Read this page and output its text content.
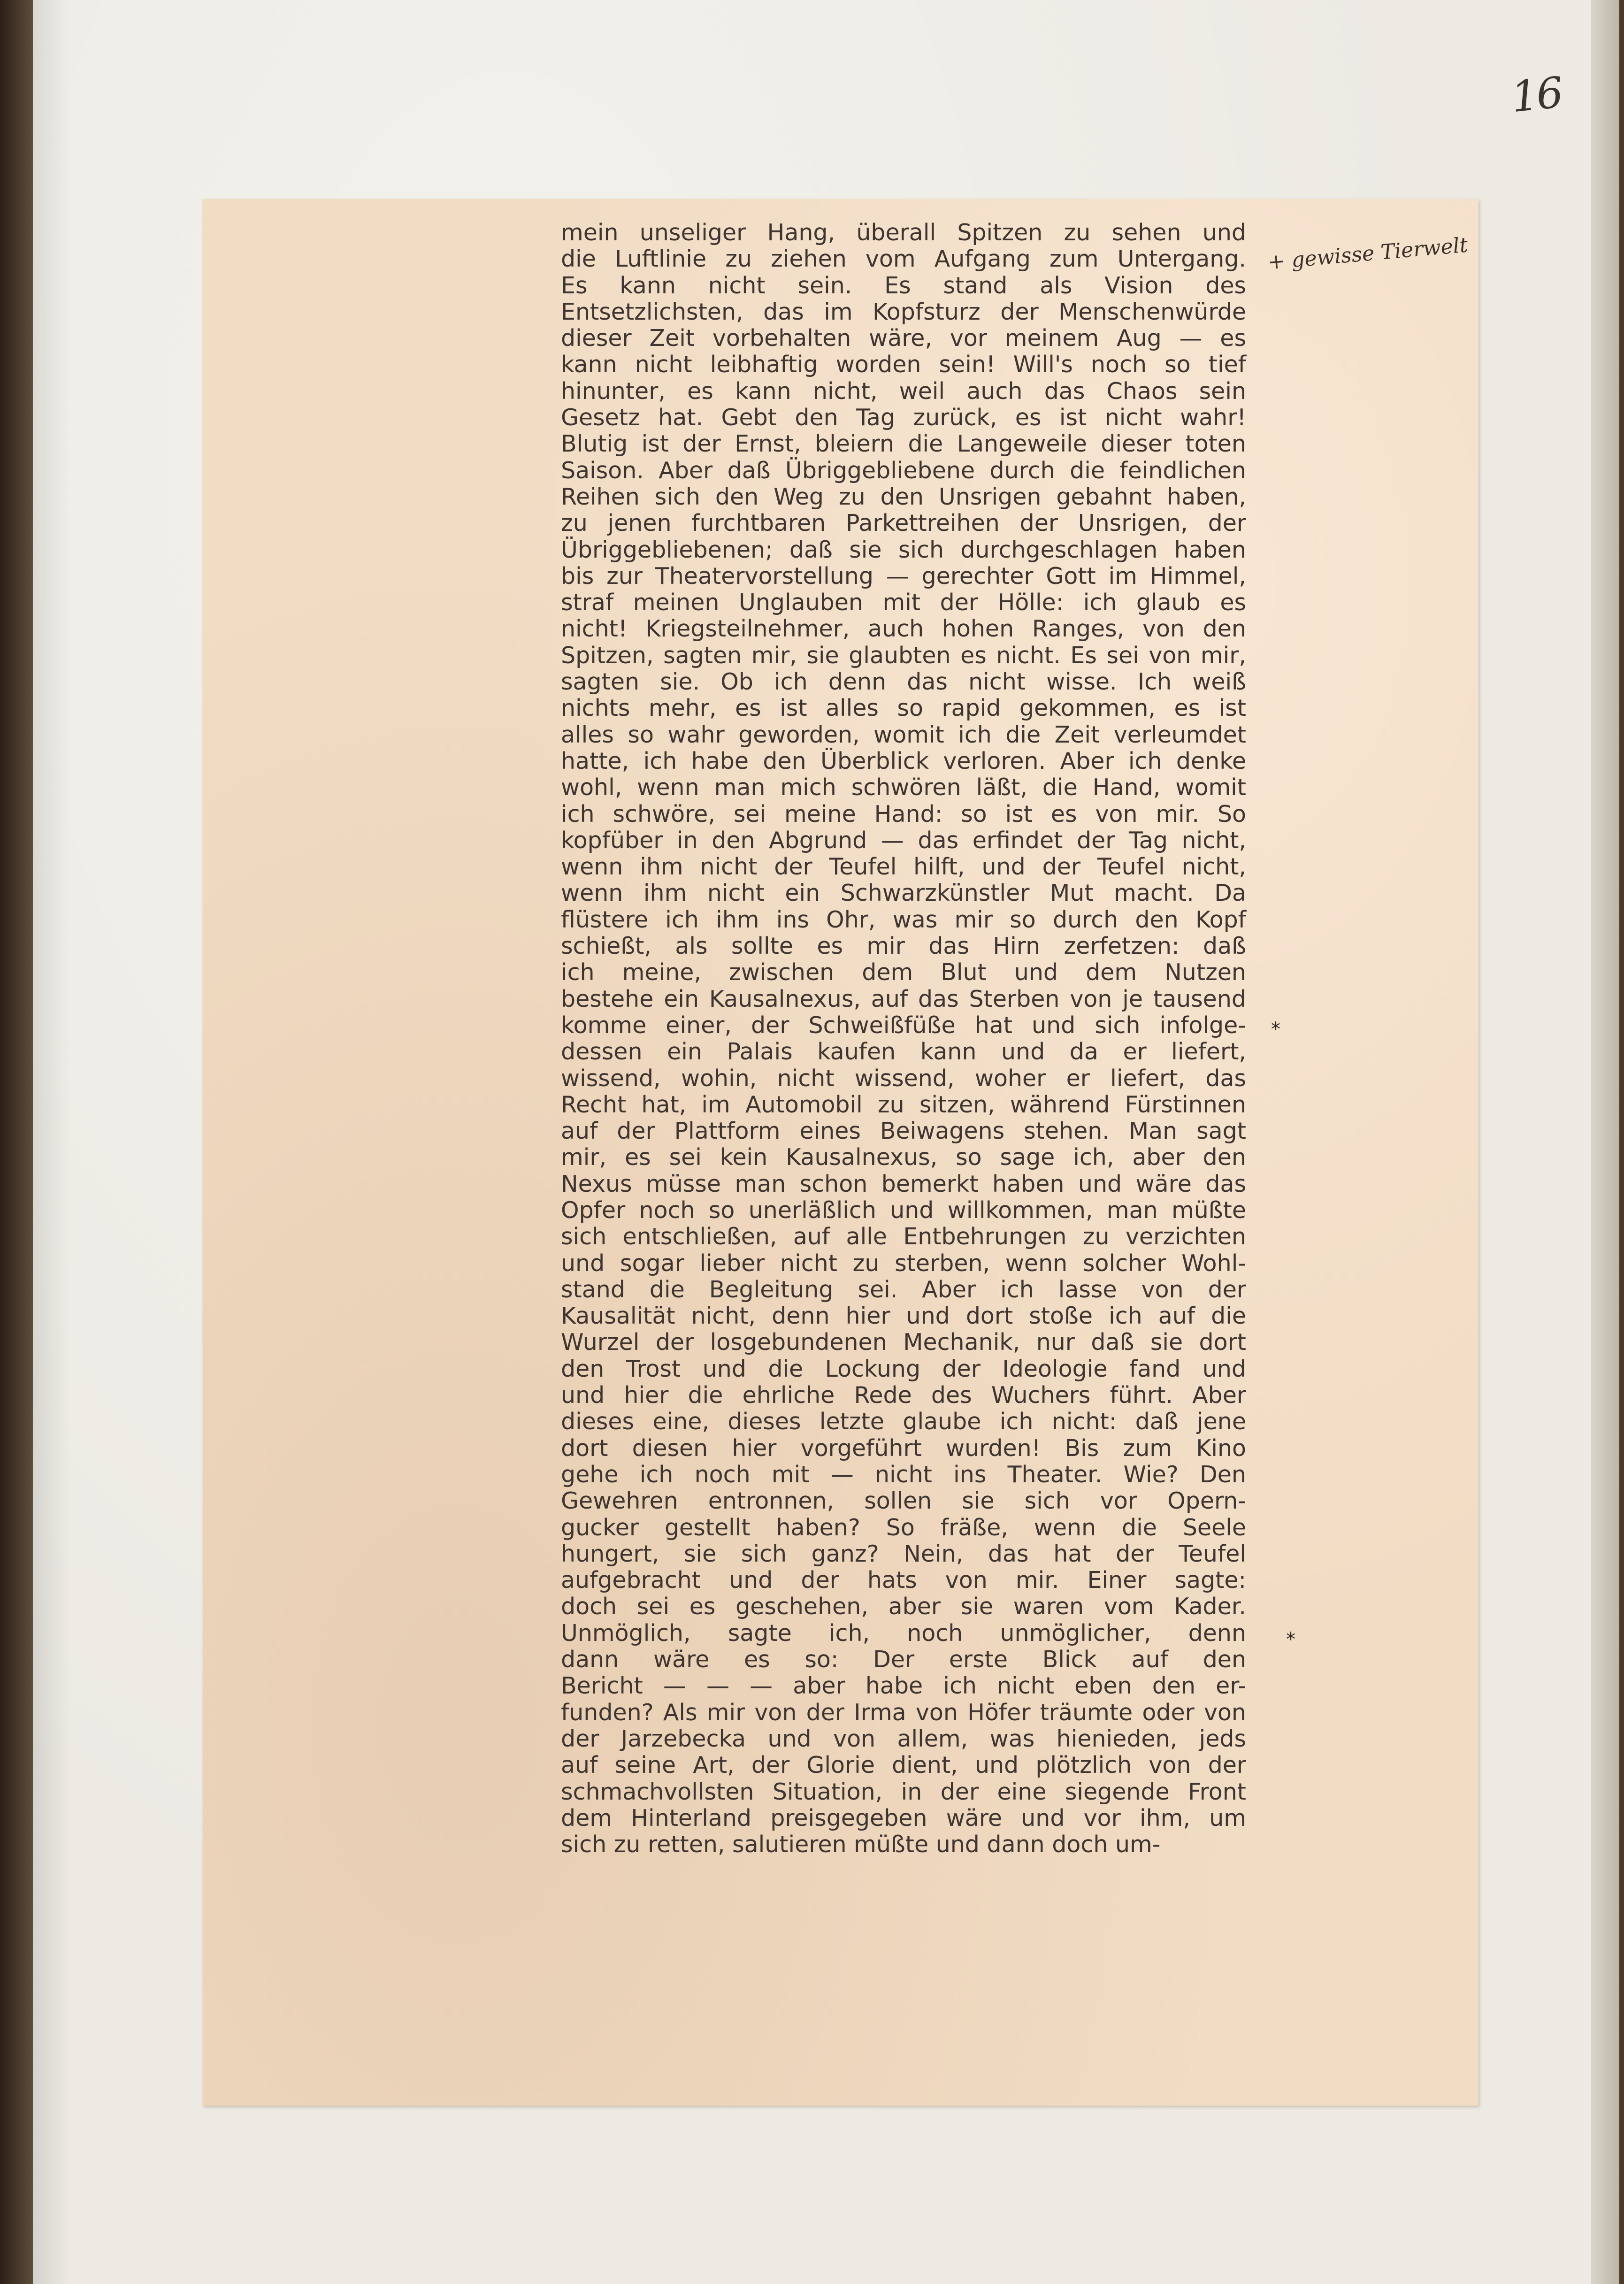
16
+ gewisse Tierwelt
*
*
mein unseliger Hang, überall Spitzen zu sehen und
die Luftlinie zu ziehen vom Aufgang zum Untergang.
Es kann nicht sein. Es stand als Vision des
Entsetzlichsten, das im Kopfsturz der Menschenwürde
dieser Zeit vorbehalten wäre, vor meinem Aug — es
kann nicht leibhaftig worden sein! Will's noch so tief
hinunter, es kann nicht, weil auch das Chaos sein
Gesetz hat. Gebt den Tag zurück, es ist nicht wahr!
Blutig ist der Ernst, bleiern die Langeweile dieser toten
Saison. Aber daß Übriggebliebene durch die feindlichen
Reihen sich den Weg zu den Unsrigen gebahnt haben,
zu jenen furchtbaren Parkettreihen der Unsrigen, der
Übriggebliebenen; daß sie sich durchgeschlagen haben
bis zur Theatervorstellung — gerechter Gott im Himmel,
straf meinen Unglauben mit der Hölle: ich glaub es
nicht! Kriegsteilnehmer, auch hohen Ranges, von den
Spitzen, sagten mir, sie glaubten es nicht. Es sei von mir,
sagten sie. Ob ich denn das nicht wisse. Ich weiß
nichts mehr, es ist alles so rapid gekommen, es ist
alles so wahr geworden, womit ich die Zeit verleumdet
hatte, ich habe den Überblick verloren. Aber ich denke
wohl, wenn man mich schwören läßt, die Hand, womit
ich schwöre, sei meine Hand: so ist es von mir. So
kopfüber in den Abgrund — das erfindet der Tag nicht,
wenn ihm nicht der Teufel hilft, und der Teufel nicht,
wenn ihm nicht ein Schwarzkünstler Mut macht. Da
flüstere ich ihm ins Ohr, was mir so durch den Kopf
schießt, als sollte es mir das Hirn zerfetzen: daß
ich meine, zwischen dem Blut und dem Nutzen
bestehe ein Kausalnexus, auf das Sterben von je tausend
komme einer, der Schweißfüße hat und sich infolge-
dessen ein Palais kaufen kann und da er liefert,
wissend, wohin, nicht wissend, woher er liefert, das
Recht hat, im Automobil zu sitzen, während Fürstinnen
auf der Plattform eines Beiwagens stehen. Man sagt
mir, es sei kein Kausalnexus, so sage ich, aber den
Nexus müsse man schon bemerkt haben und wäre das
Opfer noch so unerläßlich und willkommen, man müßte
sich entschließen, auf alle Entbehrungen zu verzichten
und sogar lieber nicht zu sterben, wenn solcher Wohl-
stand die Begleitung sei. Aber ich lasse von der
Kausalität nicht, denn hier und dort stoße ich auf die
Wurzel der losgebundenen Mechanik, nur daß sie dort
den Trost und die Lockung der Ideologie fand und
und hier die ehrliche Rede des Wuchers führt. Aber
dieses eine, dieses letzte glaube ich nicht: daß jene
dort diesen hier vorgeführt wurden! Bis zum Kino
gehe ich noch mit — nicht ins Theater. Wie? Den
Gewehren entronnen, sollen sie sich vor Opern-
gucker gestellt haben? So fräße, wenn die Seele
hungert, sie sich ganz? Nein, das hat der Teufel
aufgebracht und der hats von mir. Einer sagte:
doch sei es geschehen, aber sie waren vom Kader.
Unmöglich, sagte ich, noch unmöglicher, denn
dann wäre es so: Der erste Blick auf den
Bericht — — — aber habe ich nicht eben den er-
funden? Als mir von der Irma von Höfer träumte oder von
der Jarzebecka und von allem, was hienieden, jeds
auf seine Art, der Glorie dient, und plötzlich von der
schmachvollsten Situation, in der eine siegende Front
dem Hinterland preisgegeben wäre und vor ihm, um
sich zu retten, salutieren müßte und dann doch um-
